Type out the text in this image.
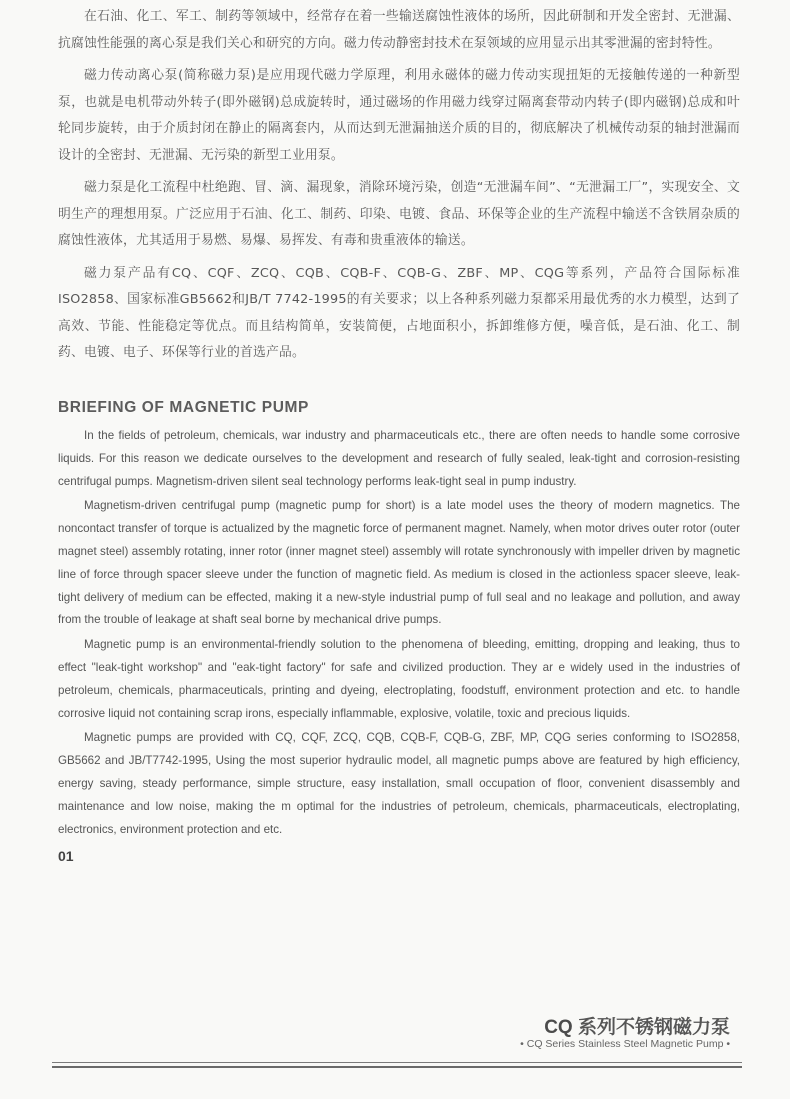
在石油、化工、军工、制药等领域中，经常存在着一些输送腐蚀性液体的场所，因此研制和开发全密封、无泄漏、抗腐蚀性能强的离心泵是我们关心和研究的方向。磁力传动静密封技术在泵领域的应用显示出其零泄漏的密封特性。

磁力传动离心泵(简称磁力泵)是应用现代磁力学原理，利用永磁体的磁力传动实现扭矩的无接触传递的一种新型泵，也就是电机带动外转子(即外磁钢)总成旋转时，通过磁场的作用磁力线穿过隔离套带动内转子(即内磁钢)总成和叶轮同步旋转，由于介质封闭在静止的隔离套内，从而达到无泄漏抽送介质的目的，彻底解决了机械传动泵的轴封泄漏而设计的全密封、无泄漏、无污染的新型工业用泵。

磁力泵是化工流程中杜绝跑、冒、滴、漏现象，消除环境污染，创造“无泄漏车间”、“无泄漏工厂”，实现安全、文明生产的理想用泵。广泛应用于石油、化工、制药、印染、电镀、食品、环保等企业的生产流程中输送不含铁屑杂质的腐蚀性液体，尤其适用于易燃、易爆、易挥发、有毒和贵重液体的输送。

磁力泵产品有CQ、CQF、ZCQ、CQB、CQB-F、CQB-G、ZBF、MP、CQG等系列，产品符合国际标准ISO2858、国家标准GB5662和JB/T 7742-1995的有关要求；以上各种系列磁力泵都采用最优秀的水力模型，达到了高效、节能、性能稳定等优点。而且结构简单，安装简便，占地面积小，拆卸维修方便，噪音低，是石油、化工、制药、电镀、电子、环保等行业的首选产品。

BRIEFING OF MAGNETIC PUMP

In the fields of petroleum, chemicals, war industry and pharmaceuticals etc., there are often needs to handle some corrosive liquids. For this reason we dedicate ourselves to the development and research of fully sealed, leak-tight and corrosion-resisting centrifugal pumps. Magnetism-driven silent seal technology performs leak-tight seal in pump industry.

Magnetism-driven centrifugal pump (magnetic pump for short) is a late model uses the theory of modern magnetics. The noncontact transfer of torque is actualized by the magnetic force of permanent magnet. Namely, when motor drives outer rotor (outer magnet steel) assembly rotating, inner rotor (inner magnet steel) assembly will rotate synchronously with impeller driven by magnetic line of force through spacer sleeve under the function of magnetic field. As medium is closed in the actionless spacer sleeve, leak-tight delivery of medium can be effected, making it a new-style industrial pump of full seal and no leakage and pollution, and away from the trouble of leakage at shaft seal borne by mechanical drive pumps.

Magnetic pump is an environmental-friendly solution to the phenomena of bleeding, emitting, dropping and leaking, thus to effect "leak-tight workshop" and "eak-tight factory" for safe and civilized production. They ar e widely used in the industries of petroleum, chemicals, pharmaceuticals, printing and dyeing, electroplating, foodstuff, environment protection and etc. to handle corrosive liquid not containing scrap irons, especially inflammable, explosive, volatile, toxic and precious liquids.

Magnetic pumps are provided with CQ, CQF, ZCQ, CQB, CQB-F, CQB-G, ZBF, MP, CQG series conforming to ISO2858, GB5662 and JB/T7742-1995, Using the most superior hydraulic model, all magnetic pumps above are featured by high efficiency, energy saving, steady performance, simple structure, easy installation, small occupation of floor, convenient disassembly and maintenance and low noise, making the m optimal for the industries of petroleum, chemicals, pharmaceuticals, electroplating, electronics, environment protection and etc.

01
CQ 系列不锈钢磁力泵
• CQ Series Stainless Steel Magnetic Pump •
